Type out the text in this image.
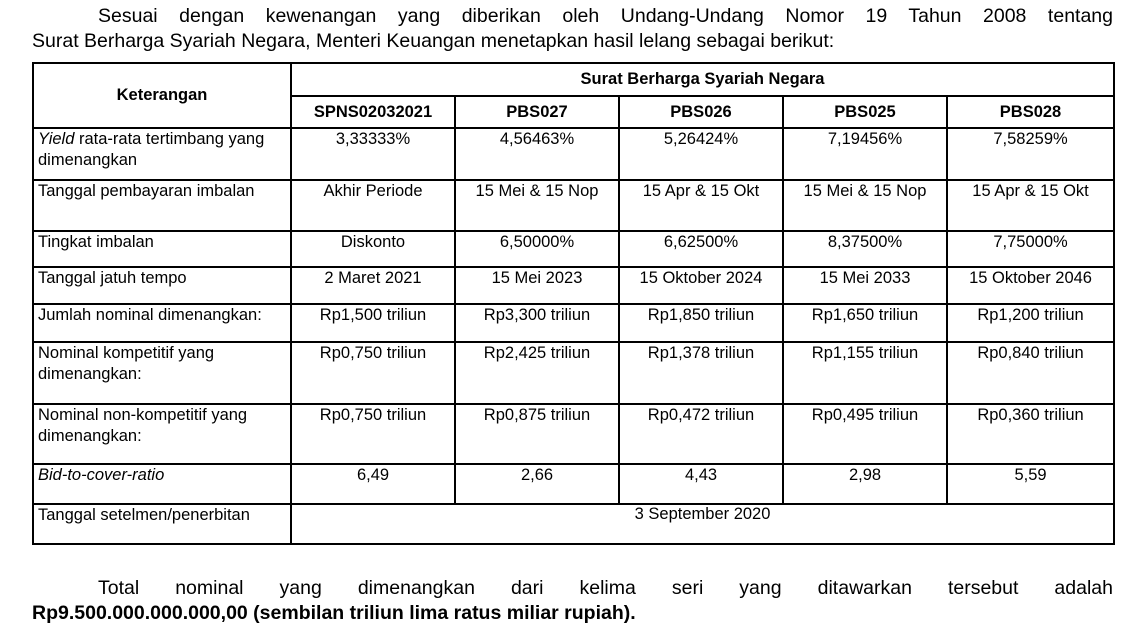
Sesuai dengan kewenangan yang diberikan oleh Undang-Undang Nomor 19 Tahun 2008 tentang
Surat Berharga Syariah Negara, Menteri Keuangan menetapkan hasil lelang sebagai berikut:
Keterangan	Surat Berharga Syariah Negara				
	SPNS02032021	PBS027	PBS026	PBS025	PBS028
Yield rata-rata tertimbang yang dimenangkan	3,33333%	4,56463%	5,26424%	7,19456%	7,58259%
Tanggal pembayaran imbalan	Akhir Periode	15 Mei & 15 Nop	15 Apr & 15 Okt	15 Mei & 15 Nop	15 Apr & 15 Okt
Tingkat imbalan	Diskonto	6,50000%	6,62500%	8,37500%	7,75000%
Tanggal jatuh tempo	2 Maret 2021	15 Mei 2023	15 Oktober 2024	15 Mei 2033	15 Oktober 2046
Jumlah nominal dimenangkan:	Rp1,500 triliun	Rp3,300 triliun	Rp1,850 triliun	Rp1,650 triliun	Rp1,200 triliun
Nominal kompetitif yang dimenangkan:	Rp0,750 triliun	Rp2,425 triliun	Rp1,378 triliun	Rp1,155 triliun	Rp0,840 triliun
Nominal non-kompetitif yang dimenangkan:	Rp0,750 triliun	Rp0,875 triliun	Rp0,472 triliun	Rp0,495 triliun	Rp0,360 triliun
Bid-to-cover-ratio	6,49	2,66	4,43	2,98	5,59
Tanggal setelmen/penerbitan	3 September 2020				
Total nominal yang dimenangkan dari kelima seri yang ditawarkan tersebut adalah
Rp9.500.000.000.000,00 (sembilan triliun lima ratus miliar rupiah).
